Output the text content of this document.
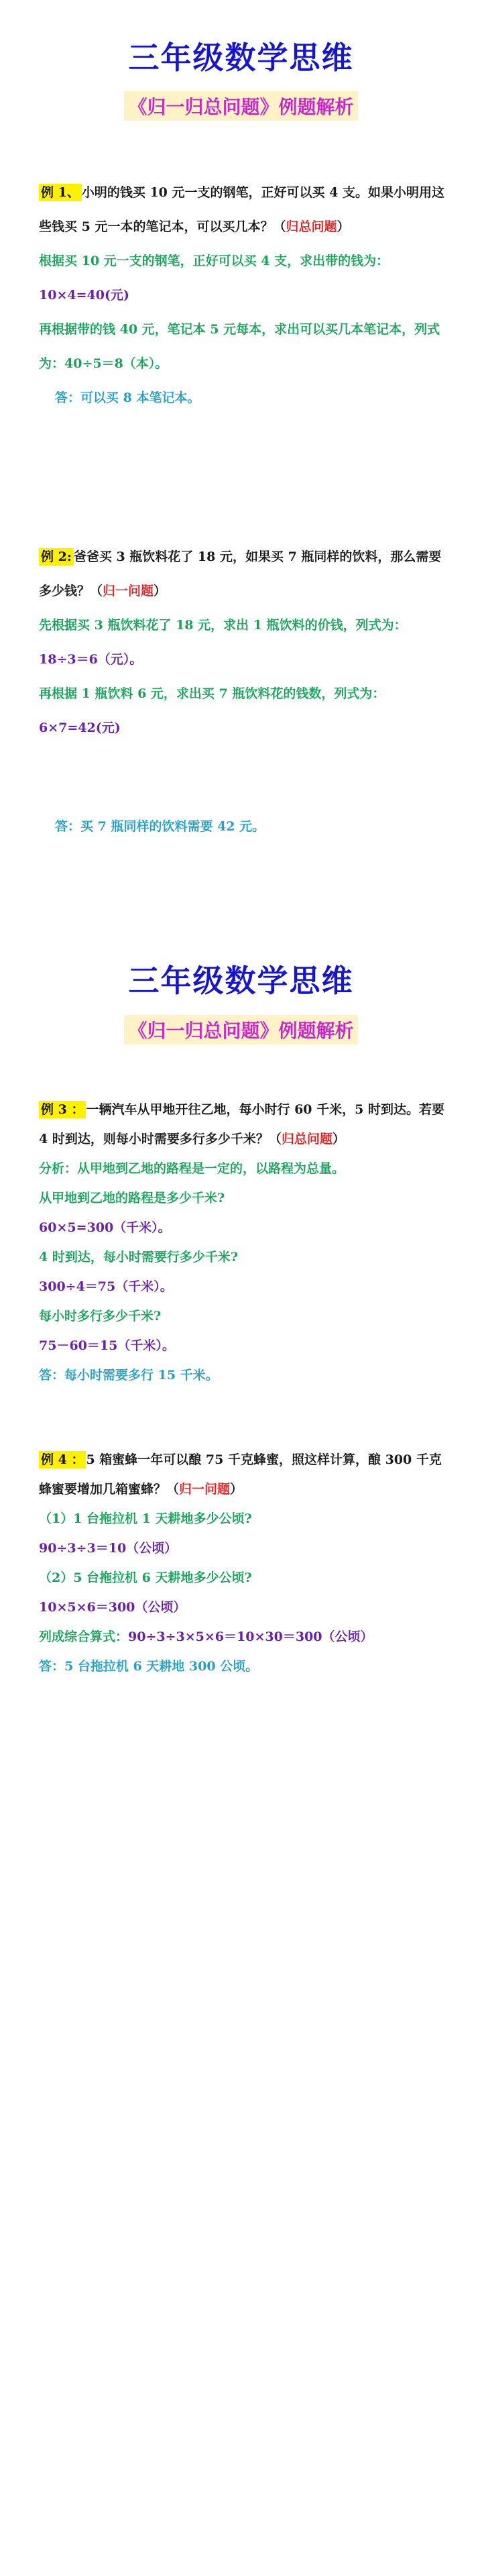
三年级数学思维
《归一归总问题》例题解析

例 1、 小明的钱买 10 元一支的钢笔，正好可以买 4 支。如果小明用这些钱买 5 元一本的笔记本，可以买几本？（归总问题）

根据买 10 元一支的钢笔，正好可以买 4 支，求出带的钱为：

10×4=40(元)

再根据带的钱 40 元，笔记本 5 元每本，求出可以买几本笔记本，列式为：40÷5＝8（本）。

答：可以买 8 本笔记本。

例 2: 爸爸买 3 瓶饮料花了 18 元，如果买 7 瓶同样的饮料，那么需要多少钱？（归一问题）

先根据买 3 瓶饮料花了 18 元，求出 1 瓶饮料的价钱，列式为：

18÷3＝6（元）。

再根据 1 瓶饮料 6 元，求出买 7 瓶饮料花的钱数，列式为：

6×7=42(元)

答：买 7 瓶同样的饮料需要 42 元。

三年级数学思维
《归一归总问题》例题解析

例 3 ： 一辆汽车从甲地开往乙地，每小时行 60 千米，5 时到达。若要 4 时到达，则每小时需要多行多少千米？（归总问题）

分析：从甲地到乙地的路程是一定的，以路程为总量。

从甲地到乙地的路程是多少千米?

60×5=300（千米）。

4 时到达，每小时需要行多少千米?

300÷4＝75（千米）。

每小时多行多少千米?

75－60＝15（千米）。

答：每小时需要多行 15 千米。

例 4 ： 5 箱蜜蜂一年可以酿 75 千克蜂蜜，照这样计算，酿 300 千克蜂蜜要增加几箱蜜蜂？（归一问题）

（1）1 台拖拉机 1 天耕地多少公顷?

90÷3÷3＝10（公顷）

（2）5 台拖拉机 6 天耕地多少公顷?

10×5×6＝300（公顷）

列成综合算式：90÷3÷3×5×6＝10×30＝300（公顷）

答：5 台拖拉机 6 天耕地 300 公顷。
